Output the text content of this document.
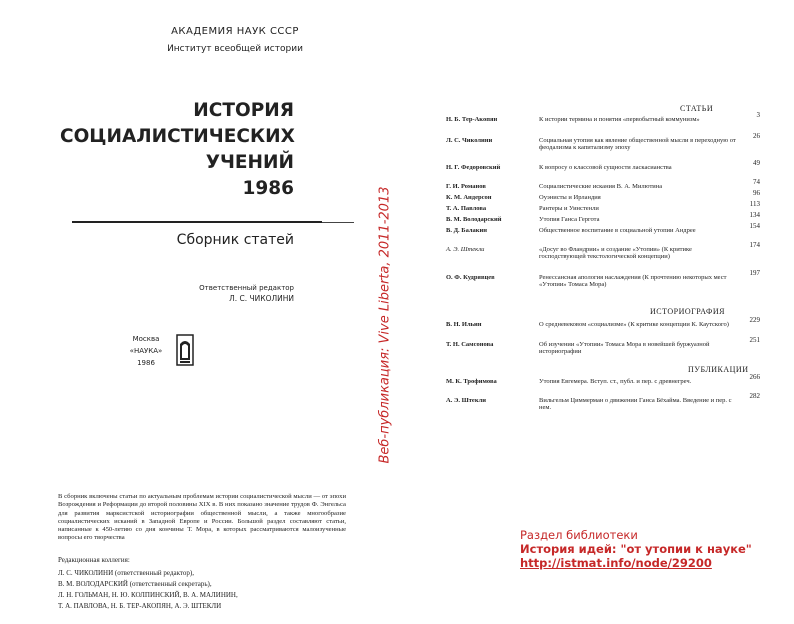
АКАДЕМИЯ НАУК СССР
Институт всеобщей истории
ИСТОРИЯ
СОЦИАЛИСТИЧЕСКИХ
УЧЕНИЙ
1986
Сборник статей
Ответственный редактор
Л. С. ЧИКОЛИНИ
Москва
«НАУКА»
1986
В сборник включены статьи по актуальным проблемам истории социалистической мысли — от эпохи Возрождения и Реформации до второй половины XIX в. В них показано значение трудов Ф. Энгельса для развития марксистской историографии общественной мысли, а также многообразие социалистических исканий в Западной Европе и России. Большой раздел составляют статьи, написанные к 450-летию со дня кончины Т. Мора, в которых рассматриваются малоизученные вопросы его творчества
Редакционная коллегия:
Л. С. ЧИКОЛИНИ (ответственный редактор),
В. М. ВОЛОДАРСКИЙ (ответственный секретарь),
Л. Н. ГОЛЬМАН, Н. Ю. КОЛПИНСКИЙ, В. А. МАЛИНИН,
Т. А. ПАВЛОВА, Н. Б. ТЕР-АКОПЯН, А. Э. ШТЕКЛИ
Веб-публикация: Vive Liberta, 2011-2013
СТАТЬИ
Н. Б. Тер-Акопян	К истории термина и понятия «первобытный коммунизм»
3
Л. С. Чиколини	Социальная утопия как явление общественной мысли в переходную от феодализма к капитализму эпоху
26
Н. Г. Федоровский	К вопросу о классовой сущности ласкасианства
49
Г. И. Романов	Социалистические искания В. А. Милютина
74
К. М. Андерсон	Оуэнисты и Ирландия
96
Т. А. Павлова	Рантеры и Уинстенли
113
В. М. Володарский	Утопия Ганса Гергота
134
В. Д. Балакин	Общественное воспитание в социальной утопии Андрее
154
А. Э. Штекли	«Досуг во Фландрии» и создание «Утопии» (К критике господствующей текстологической концепции)
174
О. Ф. Кудрявцев	Ренессансная апология наслаждения (К прочтению некоторых мест «Утопии» Томаса Мора)
197
ИСТОРИОГРАФИЯ
В. Н. Ильин	О средневековом «социализме» (К критике концепции К. Каутского)
229
Т. Н. Самсонова	Об изучении «Утопии» Томаса Мора в новейшей буржуазной историографии
251
ПУБЛИКАЦИИ
М. К. Трофимова	Утопия Евгемера. Вступ. ст., публ. и пер. с древнегреч.
266
А. Э. Штекли	Вильгельм Циммерман о движении Ганса Бёхайма. Введение и пер. с нем.
282
Раздел библиотеки
История идей: "от утопии к науке"
http://istmat.info/node/29200
